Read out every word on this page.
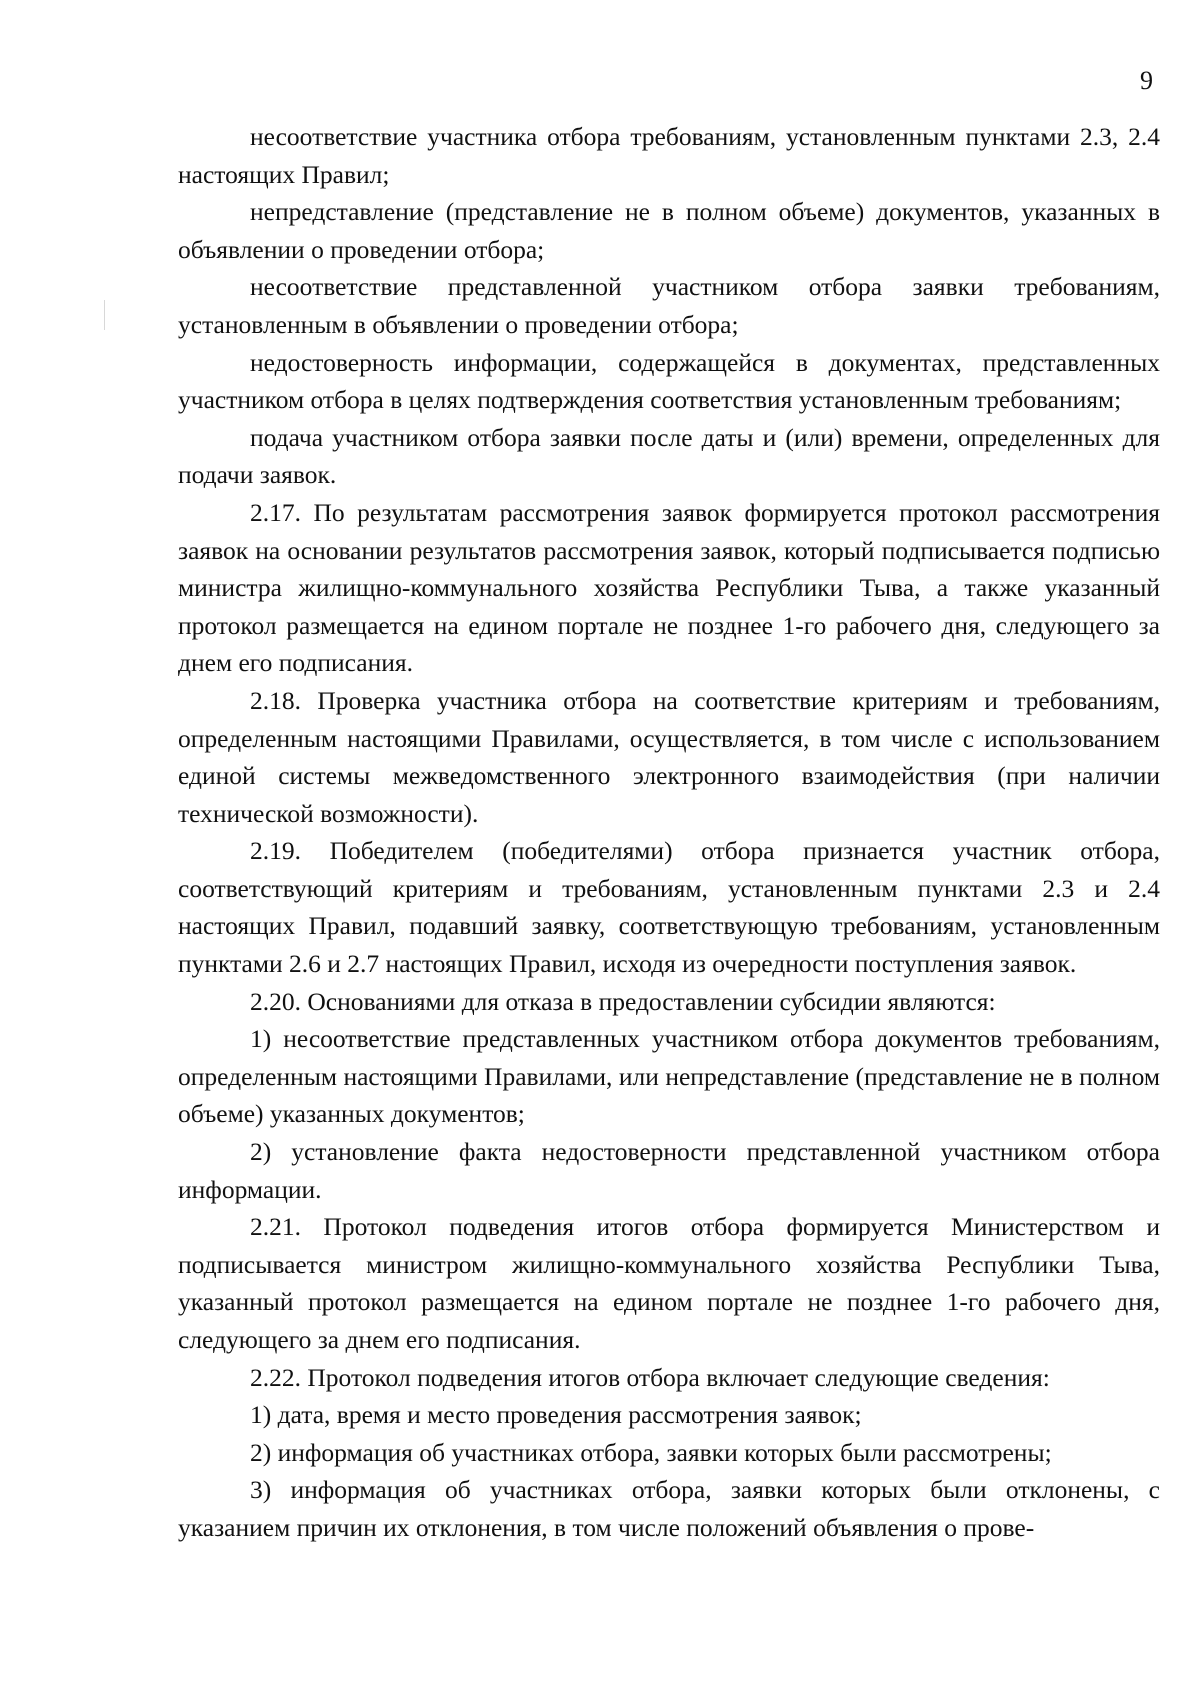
9

несоответствие участника отбора требованиям, установленным пунктами 2.3, 2.4 настоящих Правил;

непредставление (представление не в полном объеме) документов, указанных в объявлении о проведении отбора;

несоответствие представленной участником отбора заявки требованиям, установленным в объявлении о проведении отбора;

недостоверность информации, содержащейся в документах, представленных участником отбора в целях подтверждения соответствия установленным требованиям;

подача участником отбора заявки после даты и (или) времени, определенных для подачи заявок.

2.17. По результатам рассмотрения заявок формируется протокол рассмотрения заявок на основании результатов рассмотрения заявок, который подписывается подписью министра жилищно-коммунального хозяйства Республики Тыва, а также указанный протокол размещается на едином портале не позднее 1-го рабочего дня, следующего за днем его подписания.

2.18. Проверка участника отбора на соответствие критериям и требованиям, определенным настоящими Правилами, осуществляется, в том числе с использованием единой системы межведомственного электронного взаимодействия (при наличии технической возможности).

2.19. Победителем (победителями) отбора признается участник отбора, соответствующий критериям и требованиям, установленным пунктами 2.3 и 2.4 настоящих Правил, подавший заявку, соответствующую требованиям, установленным пунктами 2.6 и 2.7 настоящих Правил, исходя из очередности поступления заявок.

2.20. Основаниями для отказа в предоставлении субсидии являются:

1) несоответствие представленных участником отбора документов требованиям, определенным настоящими Правилами, или непредставление (представление не в полном объеме) указанных документов;

2) установление факта недостоверности представленной участником отбора информации.

2.21. Протокол подведения итогов отбора формируется Министерством и подписывается министром жилищно-коммунального хозяйства Республики Тыва, указанный протокол размещается на едином портале не позднее 1-го рабочего дня, следующего за днем его подписания.

2.22. Протокол подведения итогов отбора включает следующие сведения:

1) дата, время и место проведения рассмотрения заявок;

2) информация об участниках отбора, заявки которых были рассмотрены;

3) информация об участниках отбора, заявки которых были отклонены, с указанием причин их отклонения, в том числе положений объявления о прове-
